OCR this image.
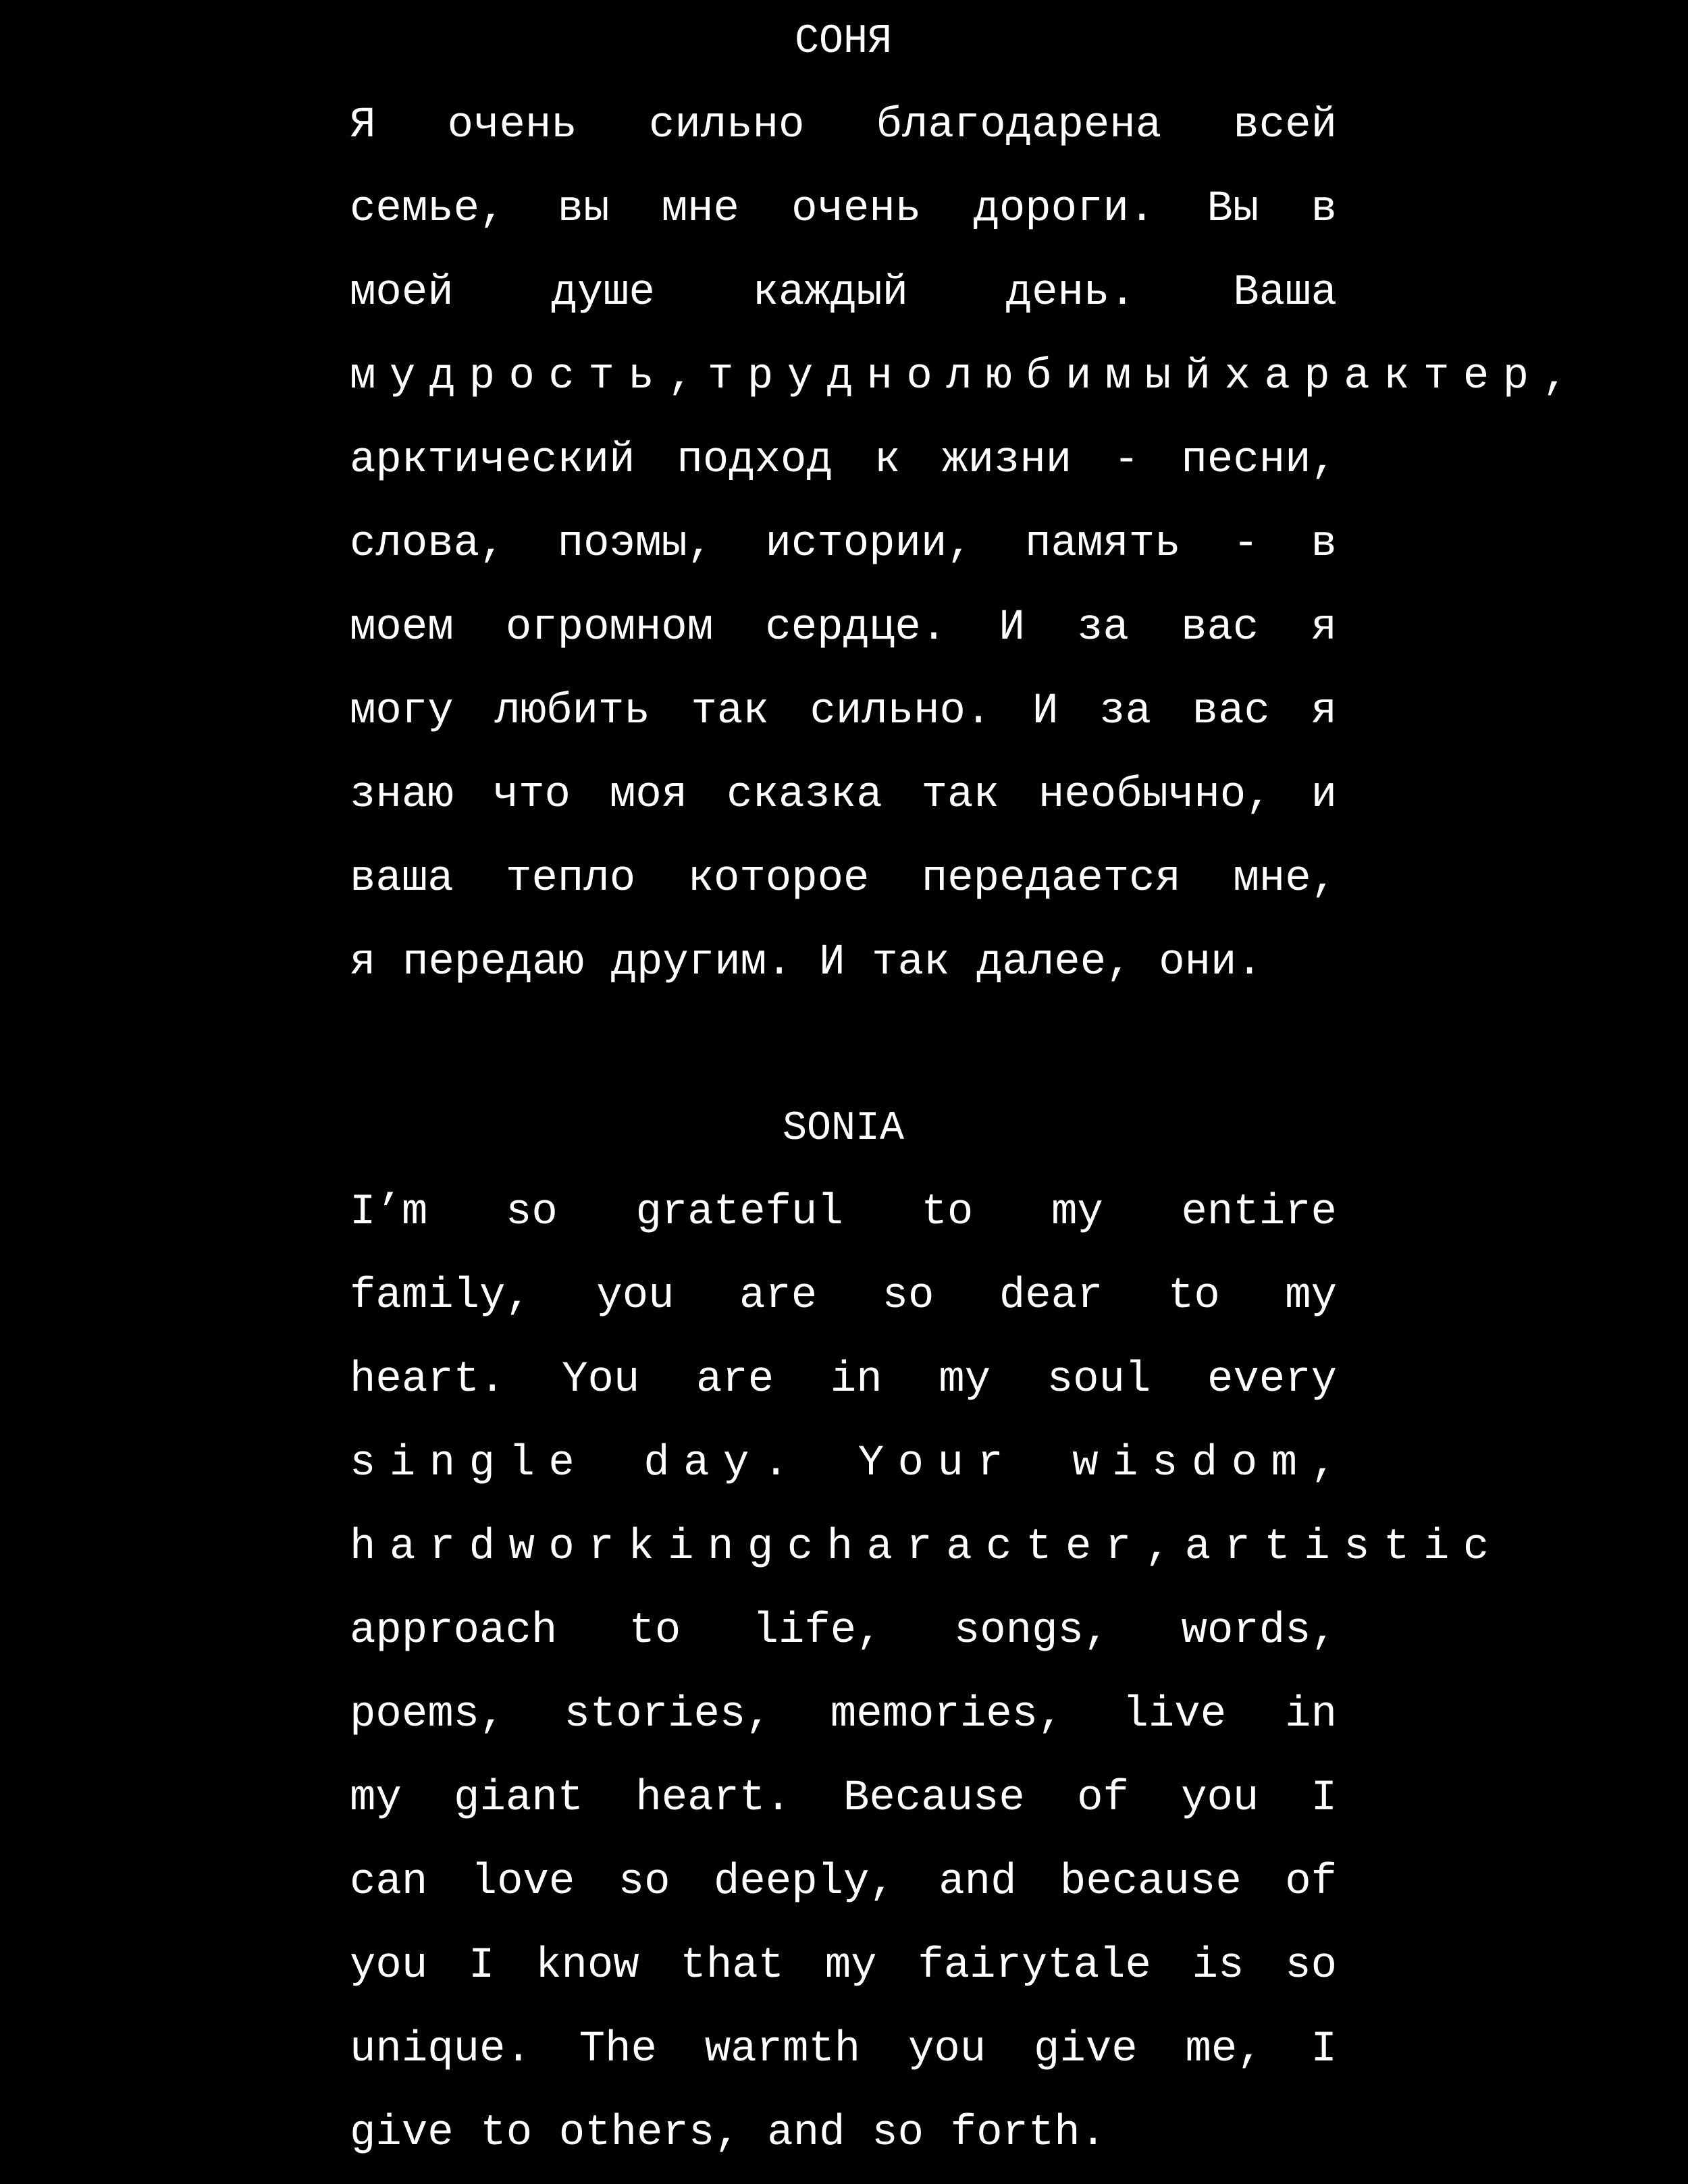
СОНЯ
Я очень сильно благодарена всей
семье, вы мне очень дороги. Вы в
моей душе каждый день. Ваша
мудрость, трудно любимый характер,
арктический подход к жизни - песни,
слова, поэмы, истории, память - в
моем огромном сердце. И за вас я
могу любить так сильно. И за вас я
знаю что моя сказка так необычно, и
ваша тепло которое передается мне,
я передаю другим. И так далее, они.
SONIA
I’m so grateful to my entire
family, you are so dear to my
heart. You are in my soul every
single day. Your wisdom,
hardworking character, artistic
approach to life, songs, words,
poems, stories, memories, live in
my giant heart. Because of you I
can love so deeply, and because of
you I know that my fairytale is so
unique. The warmth you give me, I
give to others, and so forth.
